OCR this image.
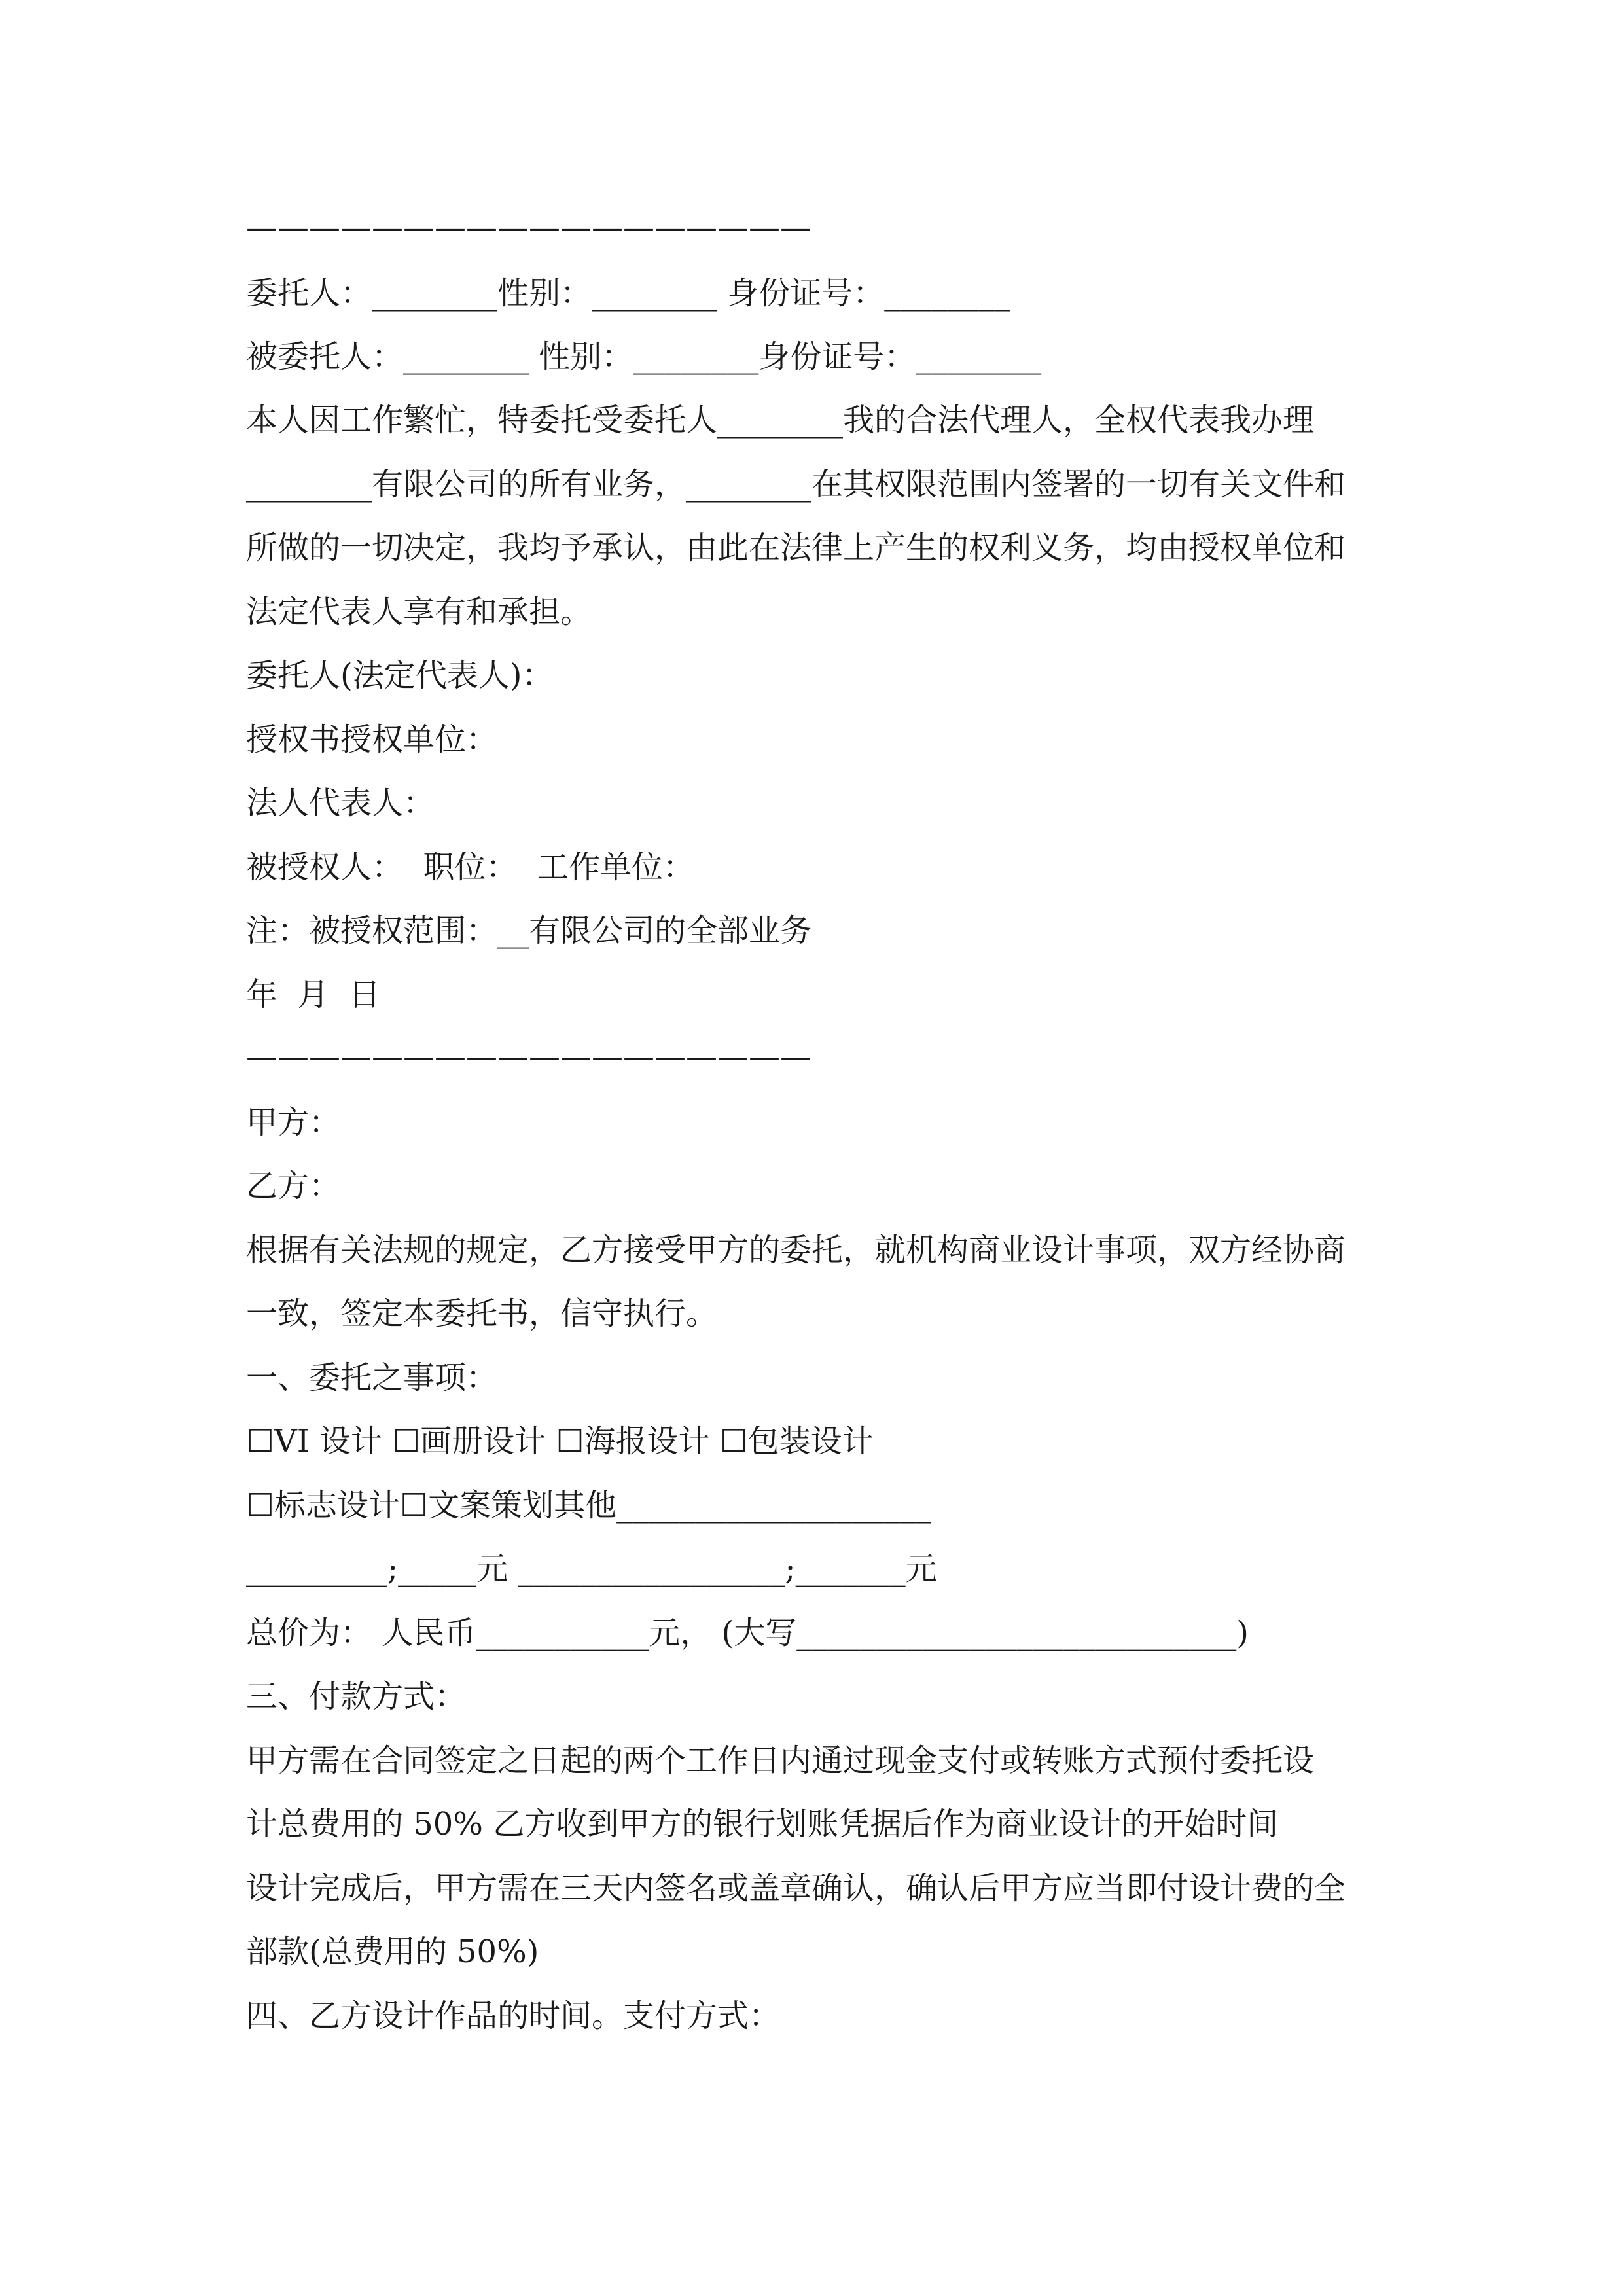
——————————————————
委托人：________性别：________ 身份证号：________
被委托人：________ 性别：________身份证号：________
本人因工作繁忙，特委托受委托人________我的合法代理人，全权代表我办理
________有限公司的所有业务，________在其权限范围内签署的一切有关文件和
所做的一切决定，我均予承认，由此在法律上产生的权利义务，均由授权单位和
法定代表人享有和承担。
委托人(法定代表人)：
授权书授权单位：
法人代表人：
被授权人：  职位：  工作单位：
注：被授权范围：__有限公司的全部业务
年  月  日
——————————————————
甲方：
乙方：
根据有关法规的规定，乙方接受甲方的委托，就机构商业设计事项，双方经协商
一致，签定本委托书，信守执行。
一、委托之事项：
☐VI 设计 ☐画册设计 ☐海报设计 ☐包装设计
☐标志设计☐文案策划其他____________________
_________;_____元 _________________;_______元
总价为： 人民币___________元， (大写____________________________)
三、付款方式：
甲方需在合同签定之日起的两个工作日内通过现金支付或转账方式预付委托设
计总费用的 50% 乙方收到甲方的银行划账凭据后作为商业设计的开始时间
设计完成后，甲方需在三天内签名或盖章确认，确认后甲方应当即付设计费的全
部款(总费用的 50%)
四、乙方设计作品的时间。支付方式：
